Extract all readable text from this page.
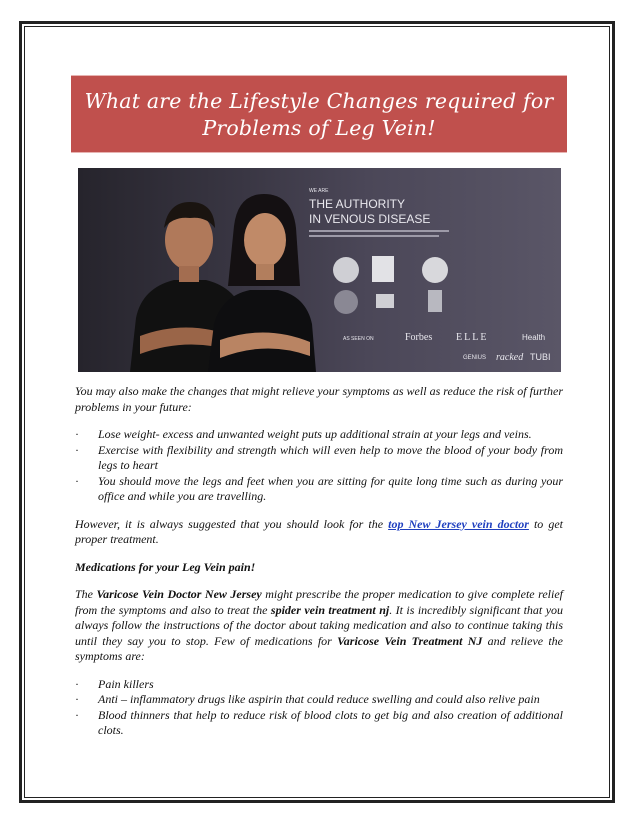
What are the Lifestyle Changes required for
Problems of Leg Vein!
WE ARE
THE AUTHORITY
IN VENOUS DISEASE
AS SEEN ON	Forbes ELLE	Health
GENIUS racked TUBI

You may also make the changes that might relieve your symptoms as well as reduce the risk of further problems in your future:

·	Lose weight- excess and unwanted weight puts up additional strain at your legs and veins.
·	Exercise with flexibility and strength which will even help to move the blood of your body from legs to heart
·	You should move the legs and feet when you are sitting for quite long time such as during your office and while you are travelling.

However, it is always suggested that you should look for the top New Jersey vein doctor to get proper treatment.

Medications for your Leg Vein pain!

The Varicose Vein Doctor New Jersey might prescribe the proper medication to give complete relief from the symptoms and also to treat the spider vein treatment nj. It is incredibly significant that you always follow the instructions of the doctor about taking medication and also to continue taking this until they say you to stop. Few of medications for Varicose Vein Treatment NJ and relieve the symptoms are:

·	Pain killers
·	Anti – inflammatory drugs like aspirin that could reduce swelling and could also relive pain
·	Blood thinners that help to reduce risk of blood clots to get big and also creation of additional clots.
